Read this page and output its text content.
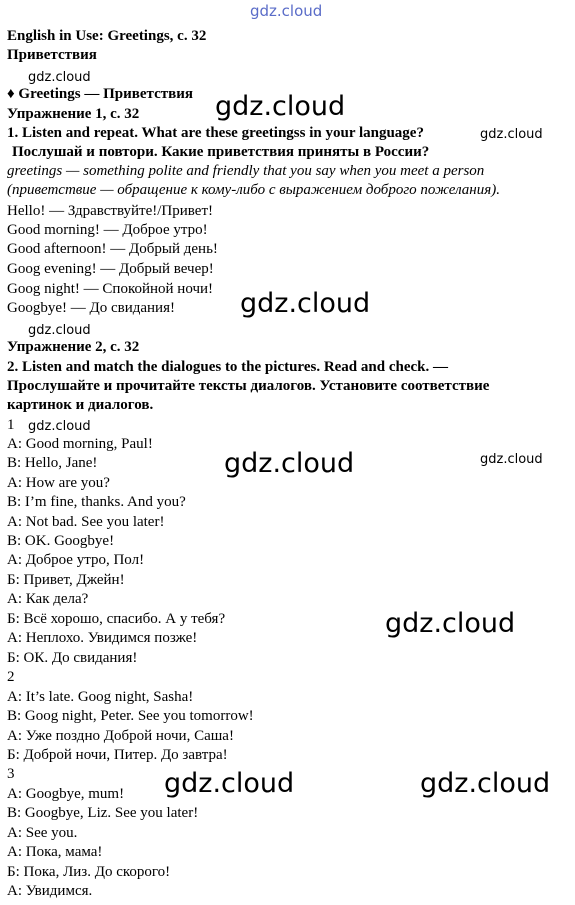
gdz.cloud
gdz.cloud
gdz.cloud
gdz.cloud
gdz.cloud
gdz.cloud
gdz.cloud
gdz.cloud	gdz.cloud
gdz.cloud
gdz.cloud	gdz.cloud
English in Use: Greetings, с. 32
Приветствия
♦ Greetings — Приветствия
Упражнение 1, с. 32
1. Listen and repeat. What are these greetingss in your language?
Послушай и повтори. Какие приветствия приняты в России?
greetings — something polite and friendly that you say when you meet a person
(приветствие — обращение к кому-либо с выражением доброго пожелания).
Hello! — Здравствуйте!/Привет!
Good morning! — Доброе утро!
Good afternoon! — Добрый день!
Goog evening! — Добрый вечер!
Goog night! — Спокойной ночи!
Googbye! — До свидания!
Упражнение 2, с. 32
2. Listen and match the dialogues to the pictures. Read and check. —
Прослушайте и прочитайте тексты диалогов. Установите соответствие
картинок и диалогов.
1
A: Good morning, Paul!
B: Hello, Jane!
A: How are you?
B: I’m fine, thanks. And you?
A: Not bad. See you later!
B: OK. Googbye!
А: Доброе утро, Пол!
Б: Привет, Джейн!
А: Как дела?
Б: Всё хорошо, спасибо. А у тебя?
А: Неплохо. Увидимся позже!
Б: ОК. До свидания!
2
A: It’s late. Goog night, Sasha!
B: Goog night, Peter. See you tomorrow!
А: Уже поздно Доброй ночи, Саша!
Б: Доброй ночи, Питер. До завтра!
3
A: Googbye, mum!
B: Googbye, Liz. See you later!
A: See you.
А: Пока, мама!
Б: Пока, Лиз. До скорого!
А: Увидимся.
